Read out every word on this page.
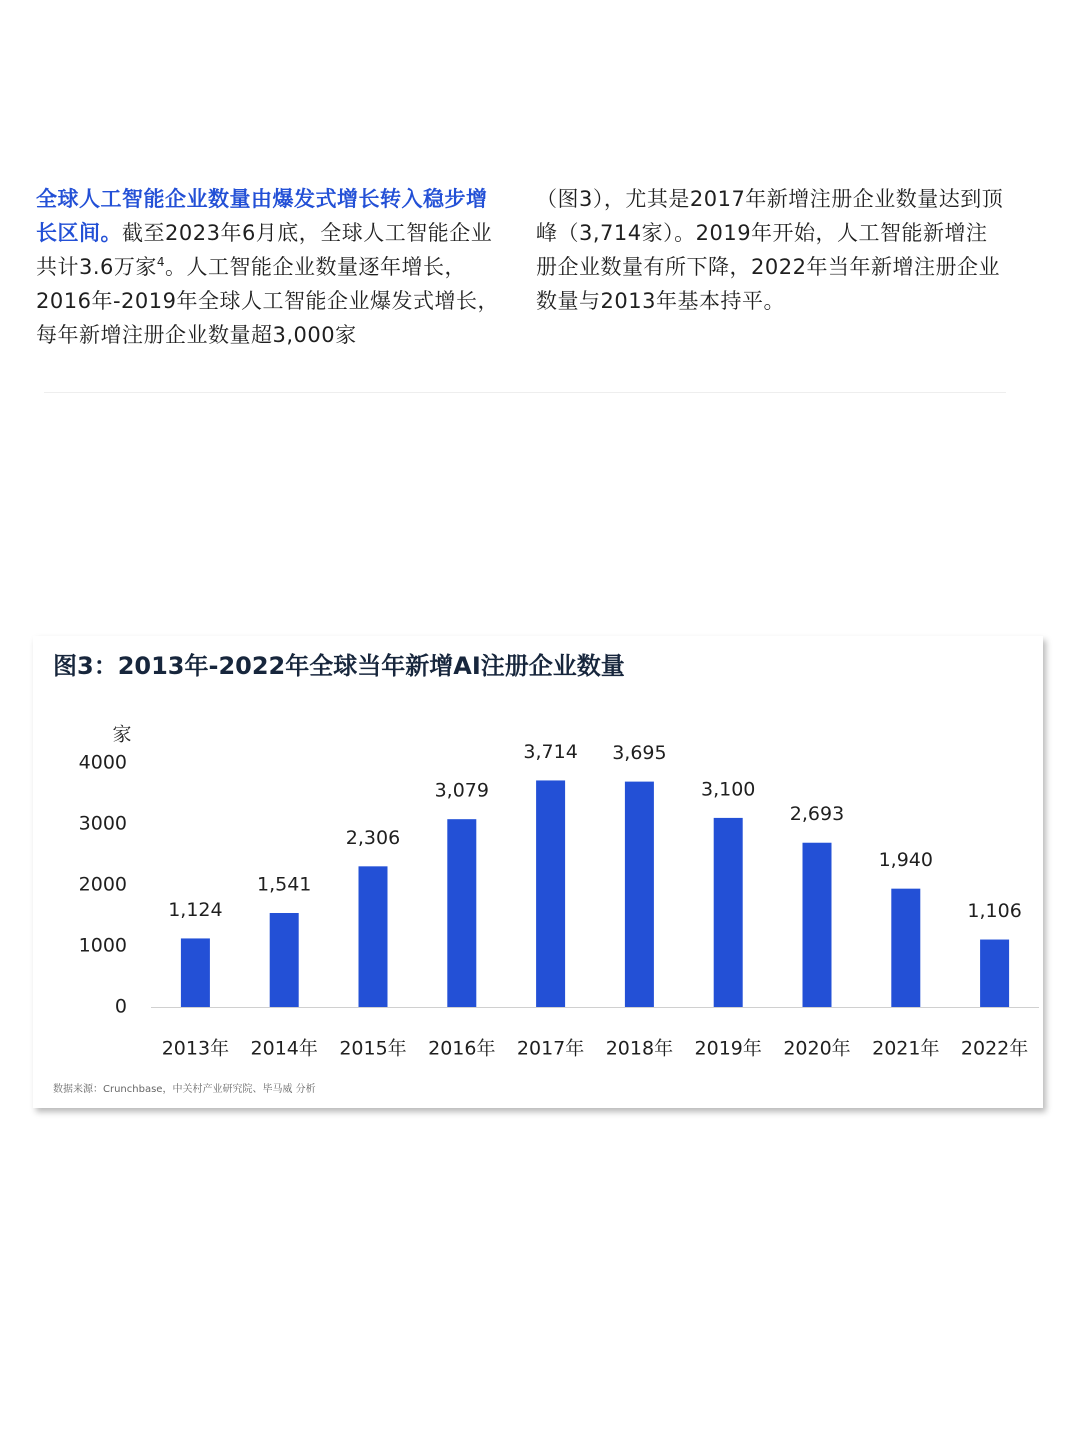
全球人工智能企业数量由爆发式增长转入稳步增长区间。截至2023年6月底，全球人工智能企业共计3.6万家$^4$。人工智能企业数量逐年增长，2016年-2019年全球人工智能企业爆发式增长，每年新增注册企业数量超3,000家

（图3），尤其是2017年新增注册企业数量达到顶峰（3,714家）。2019年开始，人工智能新增注册企业数量有所下降，2022年当年新增注册企业数量与2013年基本持平。

图3：2013年-2022年全球当年新增AI注册企业数量
家
0
1000
2000
3000
4000
1,124
2013年
1,541
2014年
2,306
2015年
3,079
2016年
3,714
2017年
3,695
2018年
3,100
2019年
2,693
2020年
1,940
2021年
1,106
2022年
数据来源：Crunchbase，中关村产业研究院、毕马威 分析
